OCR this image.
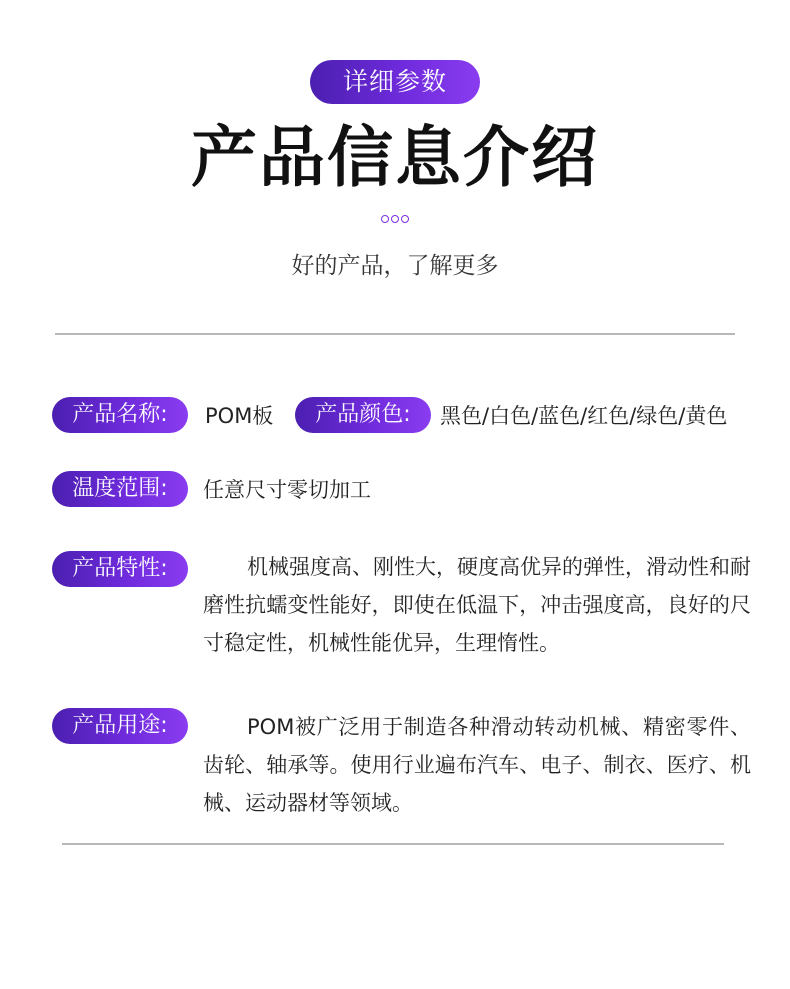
详细参数
产品信息介绍
好的产品，了解更多
产品名称:	POM板	产品颜色:	黑色/白色/蓝色/红色/绿色/黄色
温度范围:	任意尺寸零切加工
产品特性:	机械强度高、刚性大，硬度高优异的弹性，滑动性和耐磨性抗蠕变性能好，即使在低温下，冲击强度高，良好的尺寸稳定性，机械性能优异，生理惰性。
产品用途:	POM被广泛用于制造各种滑动转动机械、精密零件、齿轮、轴承等。使用行业遍布汽车、电子、制衣、医疗、机械、运动器材等领域。
